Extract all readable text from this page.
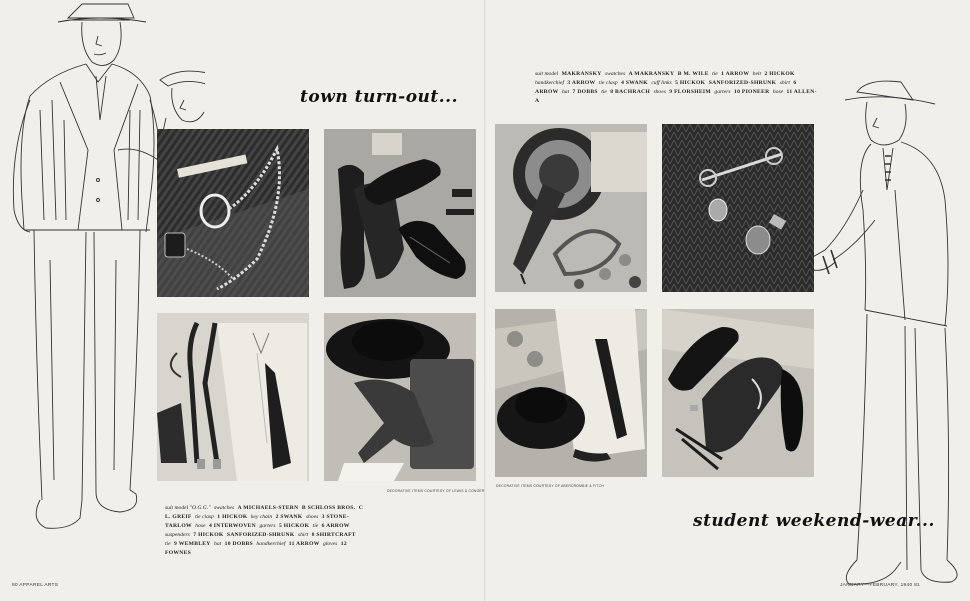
town turn-out...
student weekend-wear...
suit model MAKRANSKY swatches A MAKRANSKY B M. WILE tie 1 ARROW belt 2 HICKOK handkerchief 3 ARROW tie clasp 4 SWANK cuff links 5 HICKOK SANFORIZED-SHRUNK shirt 6 ARROW hat 7 DOBBS tie 8 BACHRACH shoes 9 FLORSHEIM garters 10 PIONEER hose 11 ALLEN-A
suit model "O.G.G." swatches A MICHAELS-STERN B SCHLOSS BROS. C L. GREIF tie clasp 1 HICKOK key chain 2 SWANK shoes 3 STONE-TARLOW hose 4 INTERWOVEN garters 5 HICKOK tie 6 ARROW suspenders 7 HICKOK SANFORIZED-SHRUNK shirt 8 SHIRTCRAFT tie 9 WEMBLEY hat 10 DOBBS handkerchief 11 ARROW gloves 12 FOWNES
DECORATIVE ITEMS COURTESY OF LEWIS & CONGER
DECORATIVE ITEMS COURTESY OF ABERCROMBIE & FITCH
80 APPAREL ARTS	JANUARY—FEBRUARY, 1940 81
